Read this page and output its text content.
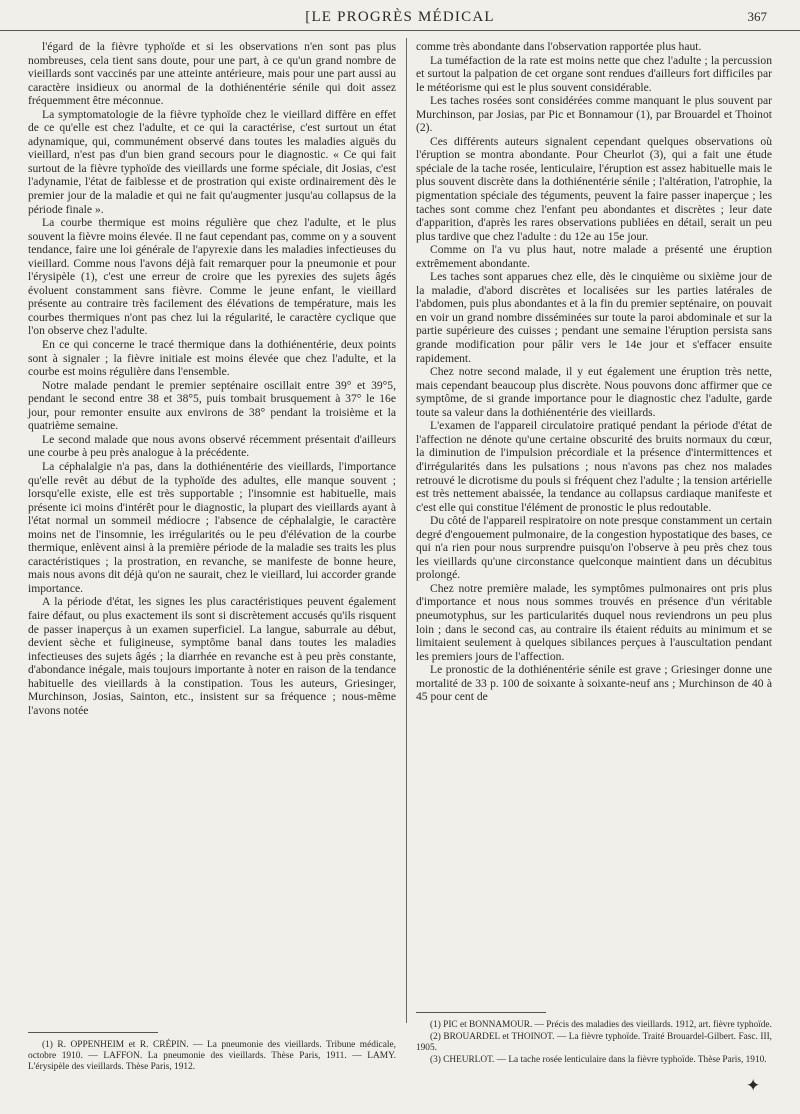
[LE PROGRÈS MÉDICAL	367

l'égard de la fièvre typhoïde et si les observations n'en sont pas plus nombreuses, cela tient sans doute, pour une part, à ce qu'un grand nombre de vieillards sont vaccinés par une atteinte antérieure, mais pour une part aussi au caractère insidieux ou anormal de la dothiénentérie sénile qui doit assez fréquemment être méconnue.

La symptomatologie de la fièvre typhoïde chez le vieillard diffère en effet de ce qu'elle est chez l'adulte, et ce qui la caractérise, c'est surtout un état adynamique, qui, communément observé dans toutes les maladies aiguës du vieillard, n'est pas d'un bien grand secours pour le diagnostic. « Ce qui fait surtout de la fièvre typhoïde des vieillards une forme spéciale, dit Josias, c'est l'adynamie, l'état de faiblesse et de prostration qui existe ordinairement dès le premier jour de la maladie et qui ne fait qu'augmenter jusqu'au collapsus de la période finale ».

La courbe thermique est moins régulière que chez l'adulte, et le plus souvent la fièvre moins élevée. Il ne faut cependant pas, comme on y a souvent tendance, faire une loi générale de l'apyrexie dans les maladies infectieuses du vieillard. Comme nous l'avons déjà fait remarquer pour la pneumonie et pour l'érysipèle (1), c'est une erreur de croire que les pyrexies des sujets âgés évoluent constamment sans fièvre. Comme le jeune enfant, le vieillard présente au contraire très facilement des élévations de température, mais les courbes thermiques n'ont pas chez lui la régularité, le caractère cyclique que l'on observe chez l'adulte.

En ce qui concerne le tracé thermique dans la dothiénentérie, deux points sont à signaler ; la fièvre initiale est moins élevée que chez l'adulte, et la courbe est moins régulière dans l'ensemble.

Notre malade pendant le premier septénaire oscillait entre 39° et 39°5, pendant le second entre 38 et 38°5, puis tombait brusquement à 37° le 16e jour, pour remonter ensuite aux environs de 38° pendant la troisième et la quatrième semaine.

Le second malade que nous avons observé récemment présentait d'ailleurs une courbe à peu près analogue à la précédente.

La céphalalgie n'a pas, dans la dothiénentérie des vieillards, l'importance qu'elle revêt au début de la typhoïde des adultes, elle manque souvent ; lorsqu'elle existe, elle est très supportable ; l'insomnie est habituelle, mais présente ici moins d'intérêt pour le diagnostic, la plupart des vieillards ayant à l'état normal un sommeil médiocre ; l'absence de céphalalgie, le caractère moins net de l'insomnie, les irrégularités ou le peu d'élévation de la courbe thermique, enlèvent ainsi à la première période de la maladie ses traits les plus caractéristiques ; la prostration, en revanche, se manifeste de bonne heure, mais nous avons dit déjà qu'on ne saurait, chez le vieillard, lui accorder grande importance.

A la période d'état, les signes les plus caractéristiques peuvent également faire défaut, ou plus exactement ils sont si discrètement accusés qu'ils risquent de passer inaperçus à un examen superficiel. La langue, saburrale au début, devient sèche et fuligineuse, symptôme banal dans toutes les maladies infectieuses des sujets âgés ; la diarrhée en revanche est à peu près constante, d'abondance inégale, mais toujours importante à noter en raison de la tendance habituelle des vieillards à la constipation. Tous les auteurs, Griesinger, Murchinson, Josias, Sainton, etc., insistent sur sa fréquence ; nous-même l'avons notée

comme très abondante dans l'observation rapportée plus haut.

La tuméfaction de la rate est moins nette que chez l'adulte ; la percussion et surtout la palpation de cet organe sont rendues d'ailleurs fort difficiles par le météorisme qui est le plus souvent considérable.

Les taches rosées sont considérées comme manquant le plus souvent par Murchinson, par Josias, par Pic et Bonnamour (1), par Brouardel et Thoinot (2).

Ces différents auteurs signalent cependant quelques observations où l'éruption se montra abondante. Pour Cheurlot (3), qui a fait une étude spéciale de la tache rosée, lenticulaire, l'éruption est assez habituelle mais le plus souvent discrète dans la dothiénentérie sénile ; l'altération, l'atrophie, la pigmentation spéciale des téguments, peuvent la faire passer inaperçue ; les taches sont comme chez l'enfant peu abondantes et discrètes ; leur date d'apparition, d'après les rares observations publiées en détail, serait un peu plus tardive que chez l'adulte : du 12e au 15e jour.

Comme on l'a vu plus haut, notre malade a présenté une éruption extrêmement abondante.

Les taches sont apparues chez elle, dès le cinquième ou sixième jour de la maladie, d'abord discrètes et localisées sur les parties latérales de l'abdomen, puis plus abondantes et à la fin du premier septénaire, on pouvait en voir un grand nombre disséminées sur toute la paroi abdominale et sur la partie supérieure des cuisses ; pendant une semaine l'éruption persista sans grande modification pour pâlir vers le 14e jour et s'effacer ensuite rapidement.

Chez notre second malade, il y eut également une éruption très nette, mais cependant beaucoup plus discrète. Nous pouvons donc affirmer que ce symptôme, de si grande importance pour le diagnostic chez l'adulte, garde toute sa valeur dans la dothiénentérie des vieillards.

L'examen de l'appareil circulatoire pratiqué pendant la période d'état de l'affection ne dénote qu'une certaine obscurité des bruits normaux du cœur, la diminution de l'impulsion précordiale et la présence d'intermittences et d'irrégularités dans les pulsations ; nous n'avons pas chez nos malades retrouvé le dicrotisme du pouls si fréquent chez l'adulte ; la tension artérielle est très nettement abaissée, la tendance au collapsus cardiaque manifeste et c'est elle qui constitue l'élément de pronostic le plus redoutable.

Du côté de l'appareil respiratoire on note presque constamment un certain degré d'engouement pulmonaire, de la congestion hypostatique des bases, ce qui n'a rien pour nous surprendre puisqu'on l'observe à peu près chez tous les vieillards qu'une circonstance quelconque maintient dans un décubitus prolongé.

Chez notre première malade, les symptômes pulmonaires ont pris plus d'importance et nous nous sommes trouvés en présence d'un véritable pneumotyphus, sur les particularités duquel nous reviendrons un peu plus loin ; dans le second cas, au contraire ils étaient réduits au minimum et se limitaient seulement à quelques sibilances perçues à l'auscultation pendant les premiers jours de l'affection.

Le pronostic de la dothiénentérie sénile est grave ; Griesinger donne une mortalité de 33 p. 100 de soixante à soixante-neuf ans ; Murchinson de 40 à 45 pour cent de

(1) R. OPPENHEIM et R. CRÉPIN. — La pneumonie des vieillards. Tribune médicale, octobre 1910. — LAFFON. La pneumonie des vieillards. Thèse Paris, 1911. — LAMY. L'érysipèle des vieillards. Thèse Paris, 1912.

(1) PIC et BONNAMOUR. — Précis des maladies des vieillards. 1912, art. fièvre typhoïde.

(2) BROUARDEL et THOINOT. — La fièvre typhoïde. Traité Brouardel-Gilbert. Fasc. III, 1905.

(3) CHEURLOT. — La tache rosée lenticulaire dans la fièvre typhoïde. Thèse Paris, 1910.

✦
